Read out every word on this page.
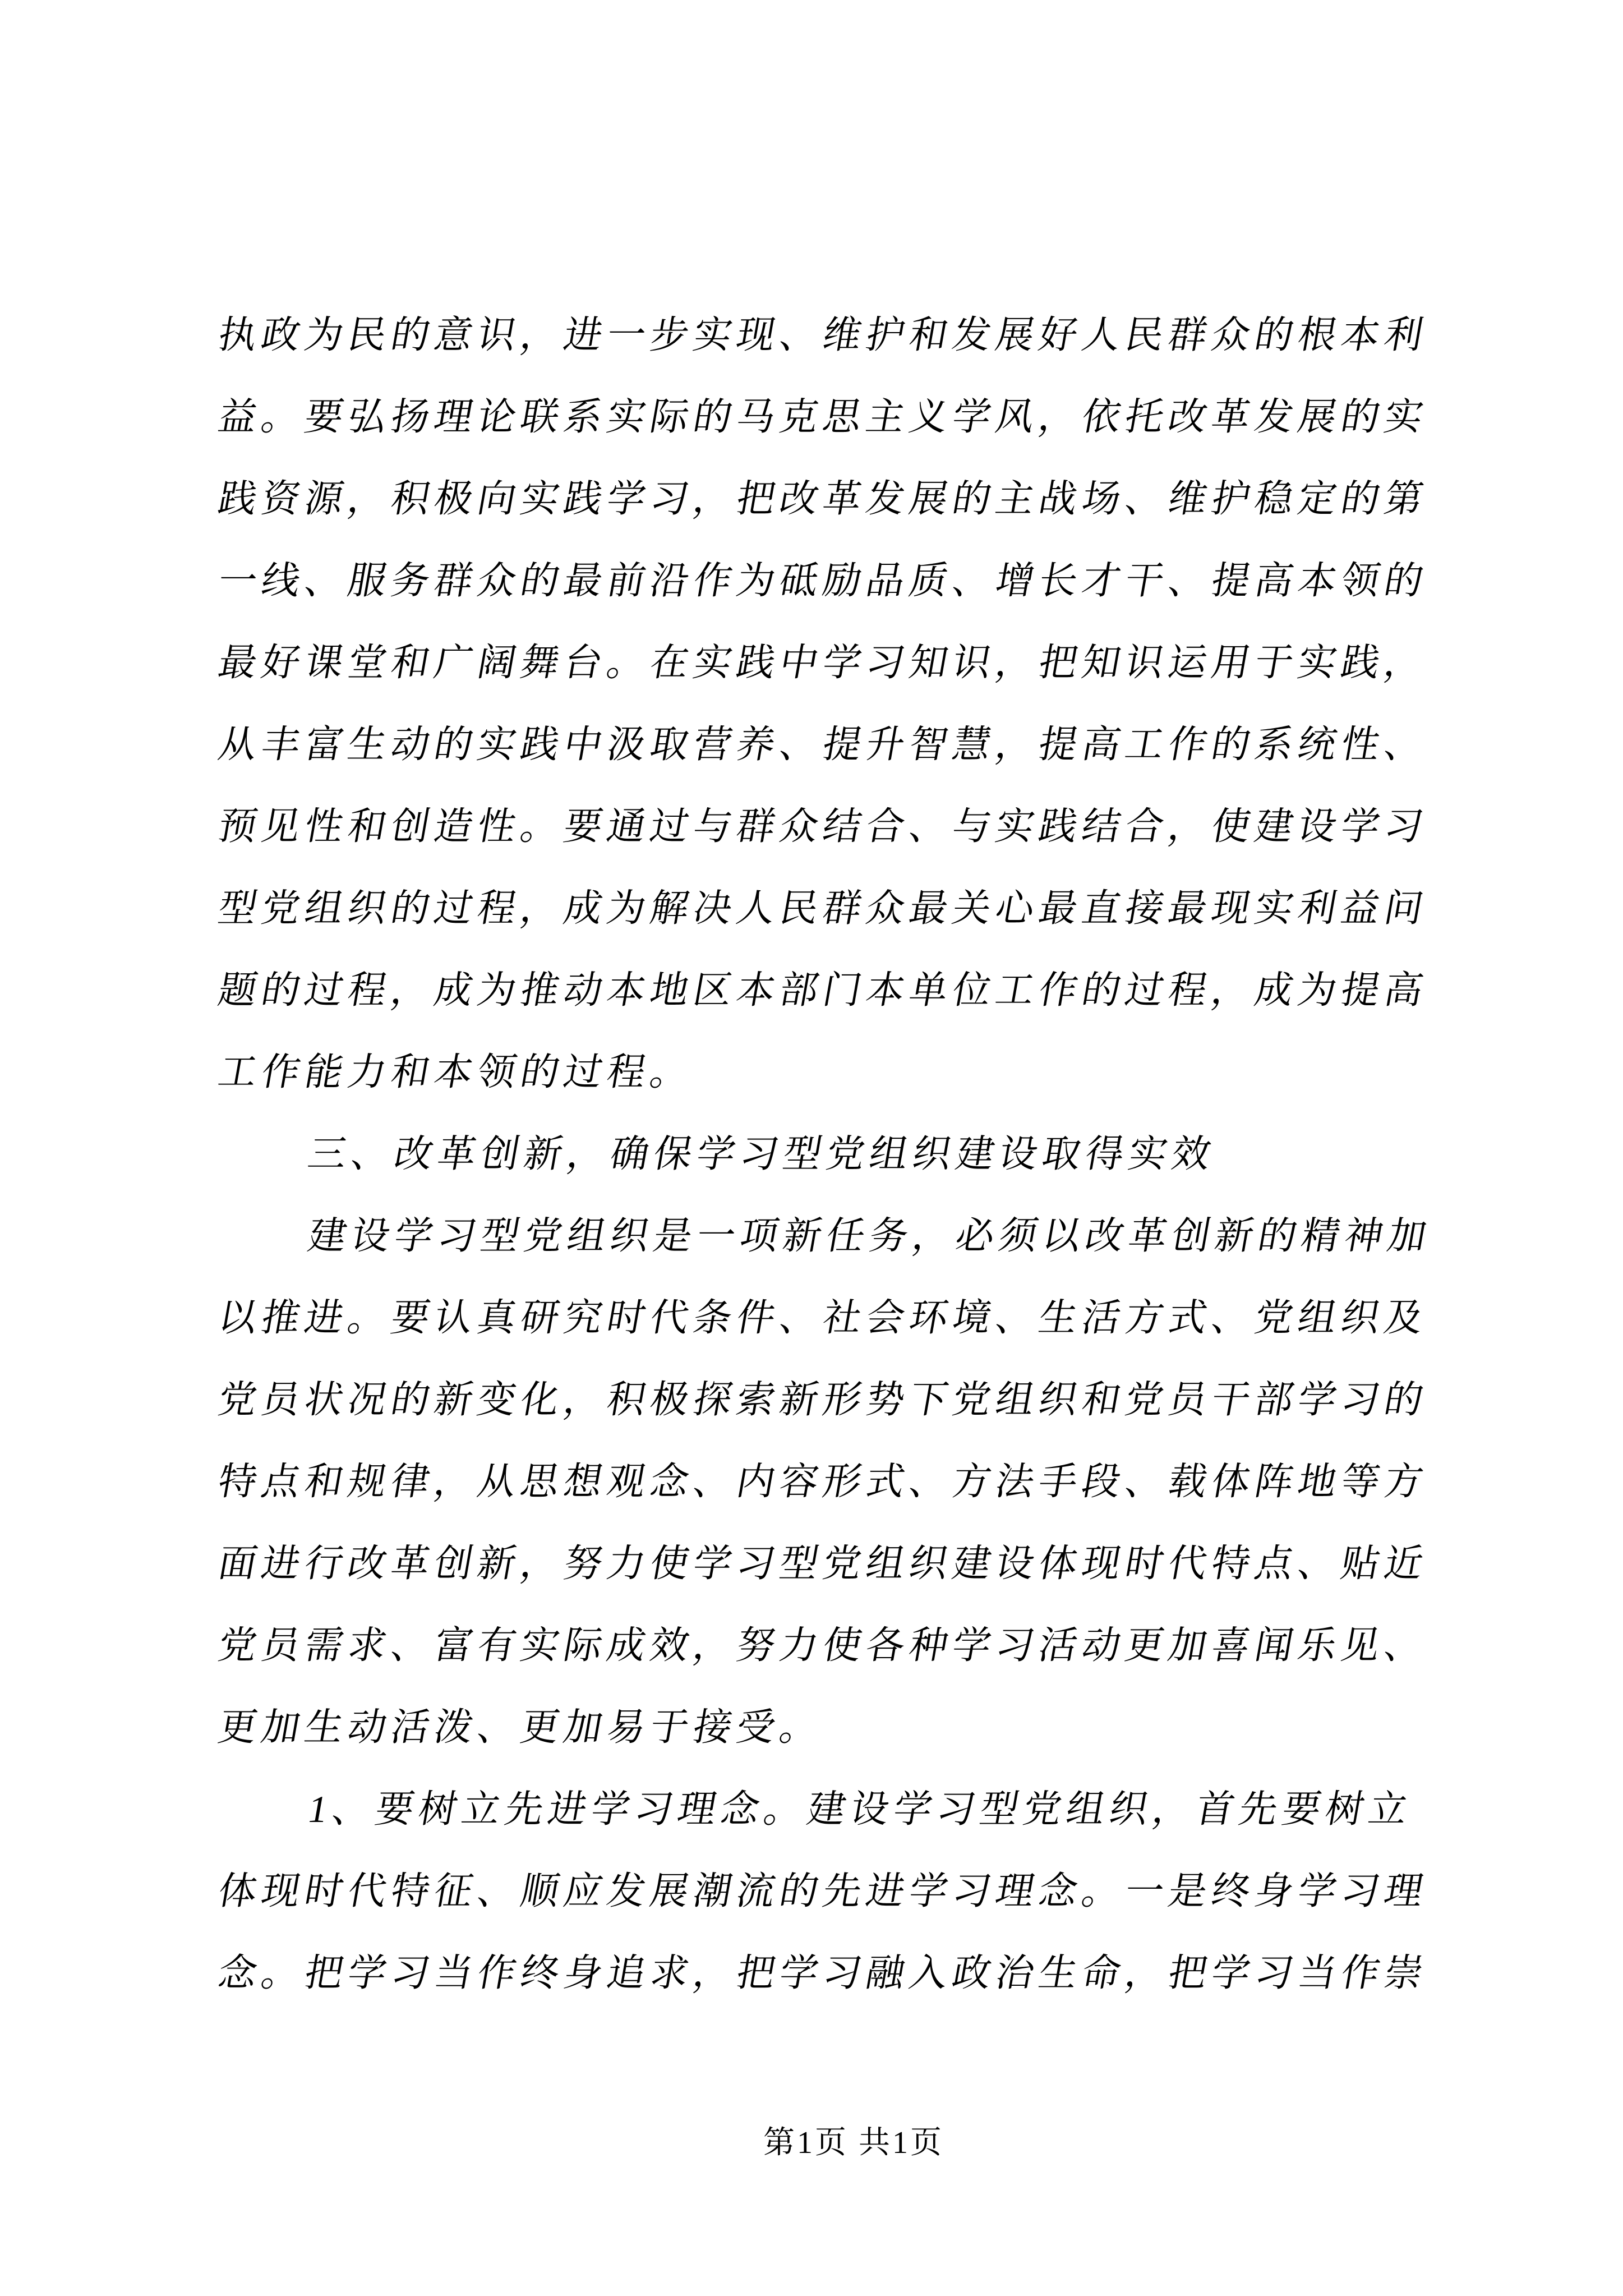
执政为民的意识，进一步实现、维护和发展好人民群众的根本利
益。要弘扬理论联系实际的马克思主义学风，依托改革发展的实
践资源，积极向实践学习，把改革发展的主战场、维护稳定的第
一线、服务群众的最前沿作为砥励品质、增长才干、提高本领的
最好课堂和广阔舞台。在实践中学习知识，把知识运用于实践，
从丰富生动的实践中汲取营养、提升智慧，提高工作的系统性、
预见性和创造性。要通过与群众结合、与实践结合，使建设学习
型党组织的过程，成为解决人民群众最关心最直接最现实利益问
题的过程，成为推动本地区本部门本单位工作的过程，成为提高
工作能力和本领的过程。
三、改革创新，确保学习型党组织建设取得实效
建设学习型党组织是一项新任务，必须以改革创新的精神加
以推进。要认真研究时代条件、社会环境、生活方式、党组织及
党员状况的新变化，积极探索新形势下党组织和党员干部学习的
特点和规律，从思想观念、内容形式、方法手段、载体阵地等方
面进行改革创新，努力使学习型党组织建设体现时代特点、贴近
党员需求、富有实际成效，努力使各种学习活动更加喜闻乐见、
更加生动活泼、更加易于接受。
1、要树立先进学习理念。建设学习型党组织，首先要树立
体现时代特征、顺应发展潮流的先进学习理念。一是终身学习理
念。把学习当作终身追求，把学习融入政治生命，把学习当作崇
第1页 共1页
